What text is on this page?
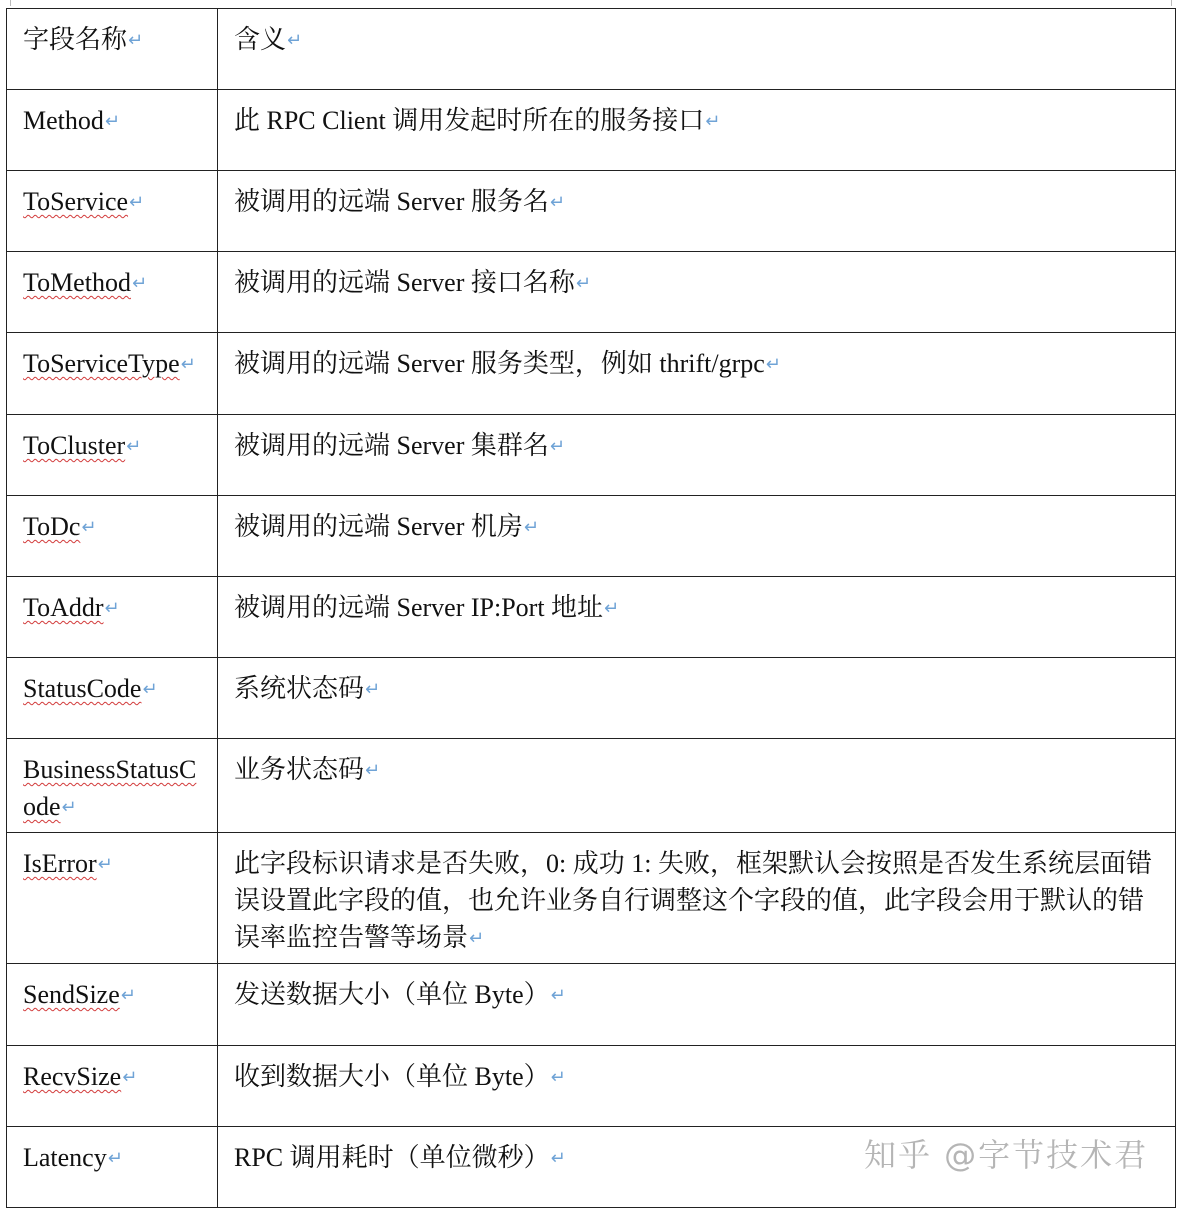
字段名称↵	含义↵
Method↵	此 RPC Client 调用发起时所在的服务接口↵
ToService↵	被调用的远端 Server 服务名↵
ToMethod↵	被调用的远端 Server 接口名称↵
ToServiceType↵	被调用的远端 Server 服务类型，例如 thrift/grpc↵
ToCluster↵	被调用的远端 Server 集群名↵
ToDc↵	被调用的远端 Server 机房↵
ToAddr↵	被调用的远端 Server IP:Port 地址↵
StatusCode↵	系统状态码↵
BusinessStatusCode↵	业务状态码↵
IsError↵	此字段标识请求是否失败，0: 成功 1: 失败，框架默认会按照是否发生系统层面错误设置此字段的值，也允许业务自行调整这个字段的值，此字段会用于默认的错误率监控告警等场景↵
SendSize↵	发送数据大小（单位 Byte）↵
RecvSize↵	收到数据大小（单位 Byte）↵
Latency↵	RPC 调用耗时（单位微秒）↵	知乎 @字节技术君
